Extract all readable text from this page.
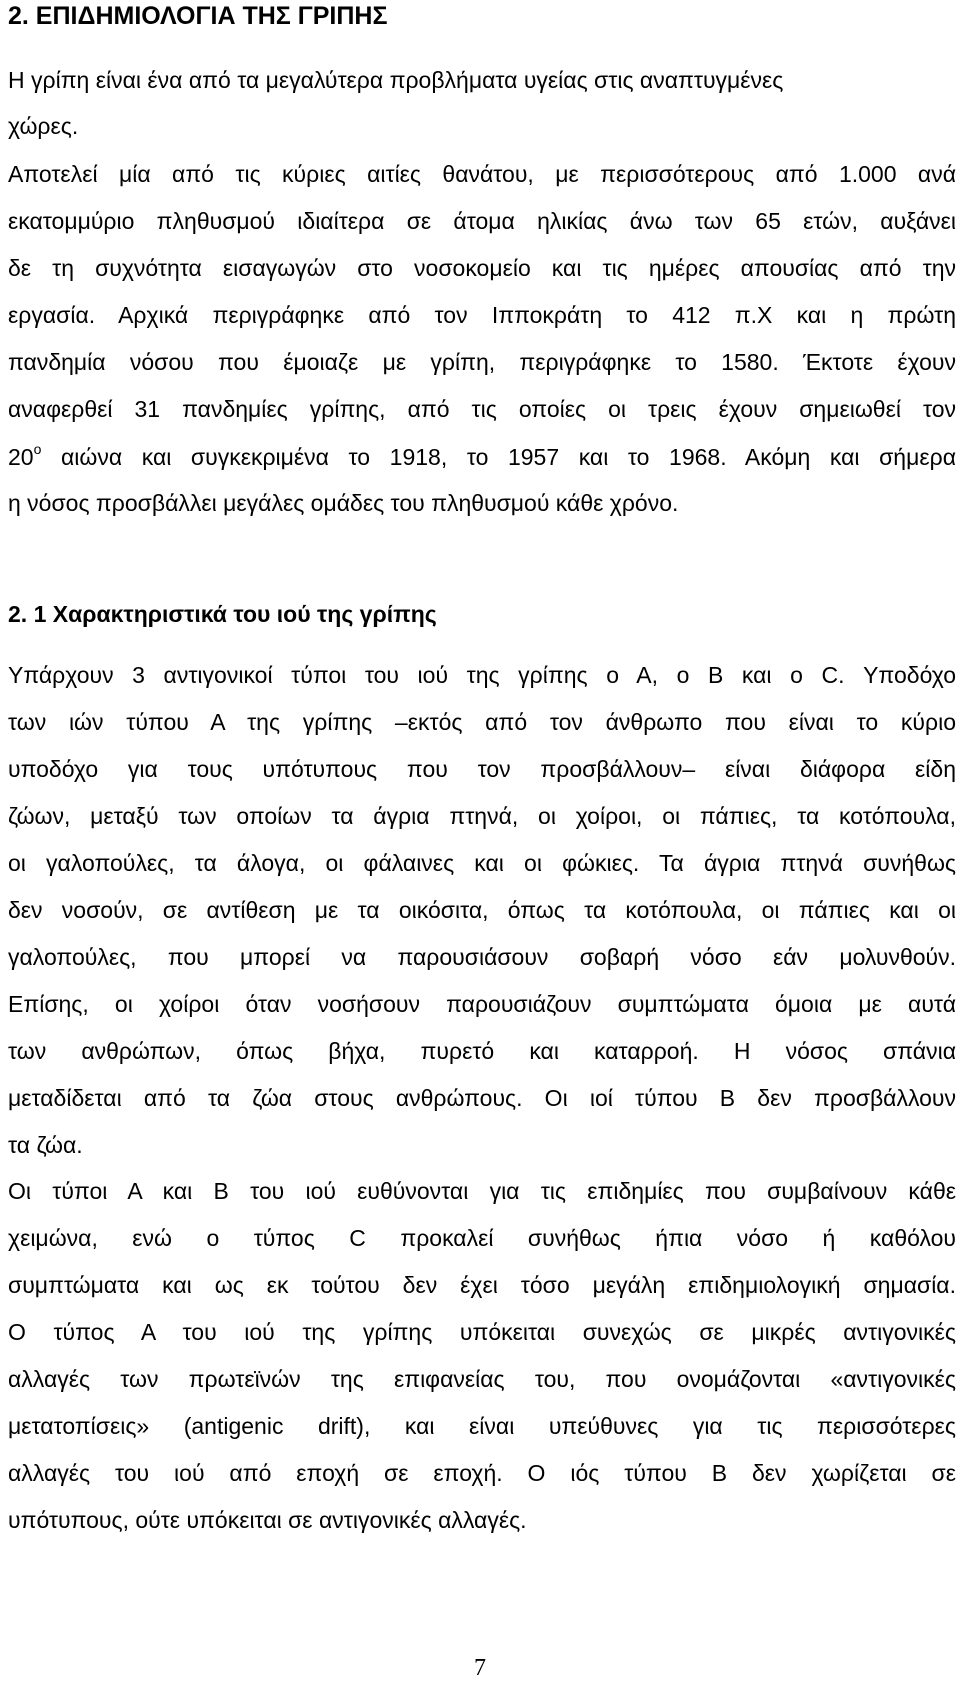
2. ΕΠΙΔΗΜΙΟΛΟΓΙΑ ΤΗΣ ΓΡΙΠΗΣ
Η γρίπη είναι ένα από τα μεγαλύτερα προβλήματα υγείας στις αναπτυγμένες
χώρες.
Αποτελεί μία από τις κύριες αιτίες θανάτου, με περισσότερους από 1.000 ανά
εκατομμύριο πληθυσμού ιδιαίτερα σε άτομα ηλικίας άνω των 65 ετών, αυξάνει
δε τη συχνότητα εισαγωγών στο νοσοκομείο και τις ημέρες απουσίας από την
εργασία. Αρχικά περιγράφηκε από τον Ιπποκράτη το 412 π.Χ και η πρώτη
πανδημία νόσου που έμοιαζε με γρίπη, περιγράφηκε το 1580. Έκτοτε έχουν
αναφερθεί 31 πανδημίες γρίπης, από τις οποίες οι τρεις έχουν σημειωθεί τον
$20^o$ αιώνα και συγκεκριμένα το 1918, το 1957 και το 1968. Ακόμη και σήμερα
η νόσος προσβάλλει μεγάλες ομάδες του πληθυσμού κάθε χρόνο.
2. 1 Χαρακτηριστικά του ιού της γρίπης
Υπάρχουν 3 αντιγονικοί τύποι του ιού της γρίπης ο Α, ο Β και ο C. Υποδόχο
των ιών τύπου Α της γρίπης –εκτός από τον άνθρωπο που είναι το κύριο
υποδόχο για τους υπότυπους που τον προσβάλλουν– είναι διάφορα είδη
ζώων, μεταξύ των οποίων τα άγρια πτηνά, οι χοίροι, οι πάπιες, τα κοτόπουλα,
οι γαλοπούλες, τα άλογα, οι φάλαινες και οι φώκιες. Τα άγρια πτηνά συνήθως
δεν νοσούν, σε αντίθεση με τα οικόσιτα, όπως τα κοτόπουλα, οι πάπιες και οι
γαλοπούλες, που μπορεί να παρουσιάσουν σοβαρή νόσο εάν μολυνθούν.
Επίσης, οι χοίροι όταν νοσήσουν παρουσιάζουν συμπτώματα όμοια με αυτά
των ανθρώπων, όπως βήχα, πυρετό και καταρροή. Η νόσος σπάνια
μεταδίδεται από τα ζώα στους ανθρώπους. Οι ιοί τύπου Β δεν προσβάλλουν
τα ζώα.
Οι τύποι Α και Β του ιού ευθύνονται για τις επιδημίες που συμβαίνουν κάθε
χειμώνα, ενώ ο τύπος C προκαλεί συνήθως ήπια νόσο ή καθόλου
συμπτώματα και ως εκ τούτου δεν έχει τόσο μεγάλη επιδημιολογική σημασία.
Ο τύπος Α του ιού της γρίπης υπόκειται συνεχώς σε μικρές αντιγονικές
αλλαγές των πρωτεϊνών της επιφανείας του, που ονομάζονται «αντιγονικές
μετατοπίσεις» (antigenic drift), και είναι υπεύθυνες για τις περισσότερες
αλλαγές του ιού από εποχή σε εποχή. Ο ιός τύπου Β δεν χωρίζεται σε
υπότυπους, ούτε υπόκειται σε αντιγονικές αλλαγές.
7
